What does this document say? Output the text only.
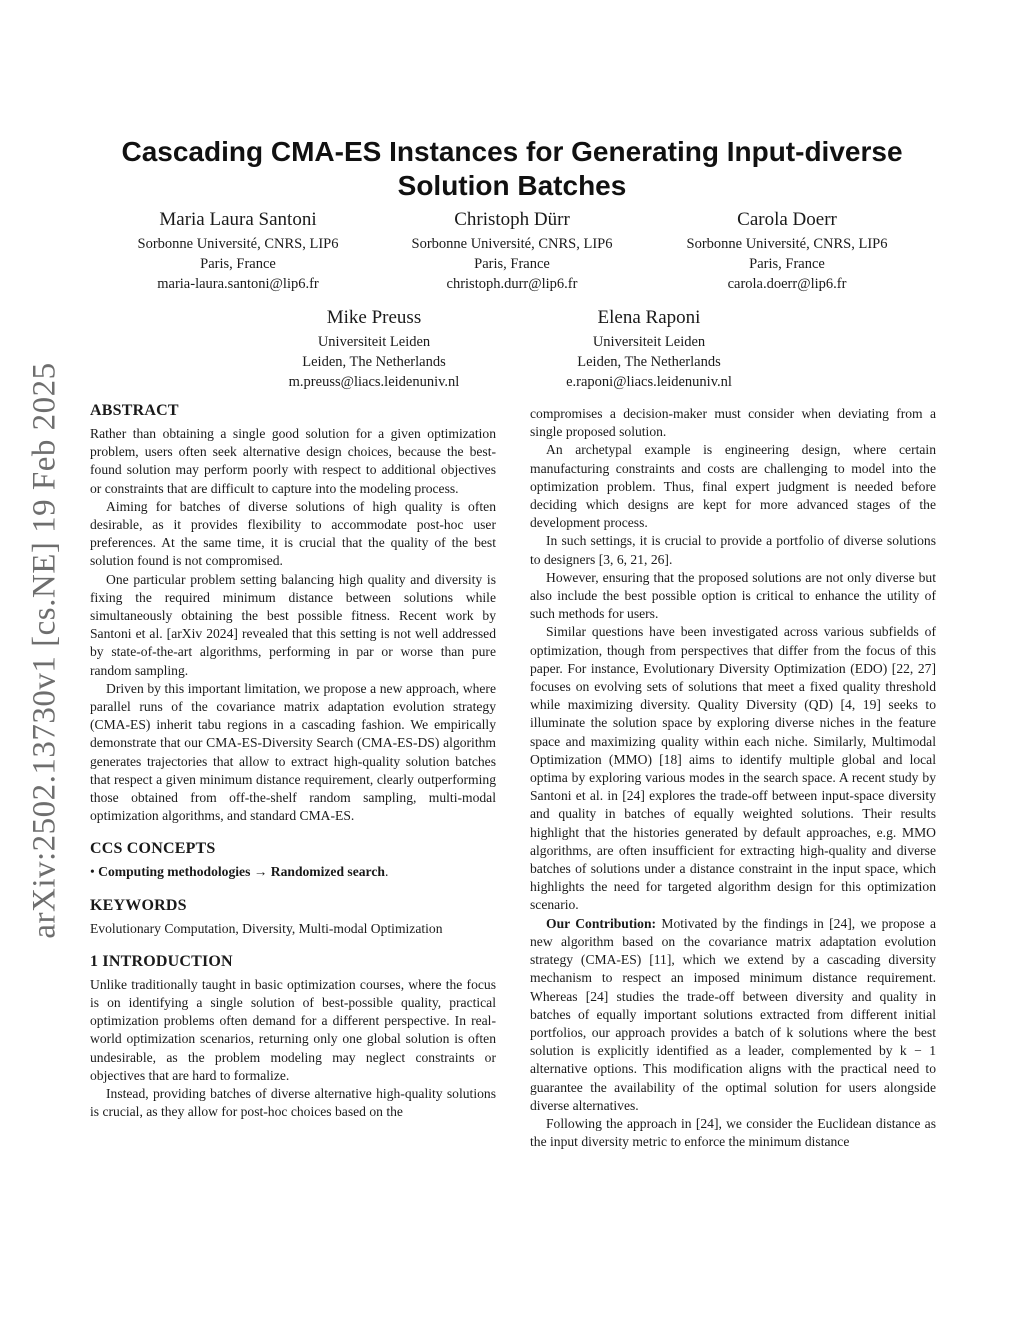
arXiv:2502.13730v1 [cs.NE] 19 Feb 2025
Cascading CMA-ES Instances for Generating Input-diverse
Solution Batches
Maria Laura Santoni
Sorbonne Université, CNRS, LIP6
Paris, France
maria-laura.santoni@lip6.fr
Christoph Dürr
Sorbonne Université, CNRS, LIP6
Paris, France
christoph.durr@lip6.fr
Carola Doerr
Sorbonne Université, CNRS, LIP6
Paris, France
carola.doerr@lip6.fr
Mike Preuss
Universiteit Leiden
Leiden, The Netherlands
m.preuss@liacs.leidenuniv.nl
Elena Raponi
Universiteit Leiden
Leiden, The Netherlands
e.raponi@liacs.leidenuniv.nl
ABSTRACT

Rather than obtaining a single good solution for a given optimization problem, users often seek alternative design choices, because the best-found solution may perform poorly with respect to additional objectives or constraints that are difficult to capture into the modeling process.

Aiming for batches of diverse solutions of high quality is often desirable, as it provides flexibility to accommodate post-hoc user preferences. At the same time, it is crucial that the quality of the best solution found is not compromised.

One particular problem setting balancing high quality and diversity is fixing the required minimum distance between solutions while simultaneously obtaining the best possible fitness. Recent work by Santoni et al. [arXiv 2024] revealed that this setting is not well addressed by state-of-the-art algorithms, performing in par or worse than pure random sampling.

Driven by this important limitation, we propose a new approach, where parallel runs of the covariance matrix adaptation evolution strategy (CMA-ES) inherit tabu regions in a cascading fashion. We empirically demonstrate that our CMA-ES-Diversity Search (CMA-ES-DS) algorithm generates trajectories that allow to extract high-quality solution batches that respect a given minimum distance requirement, clearly outperforming those obtained from off-the-shelf random sampling, multi-modal optimization algorithms, and standard CMA-ES.

CCS CONCEPTS

• Computing methodologies → Randomized search.

KEYWORDS

Evolutionary Computation, Diversity, Multi-modal Optimization

1 INTRODUCTION

Unlike traditionally taught in basic optimization courses, where the focus is on identifying a single solution of best-possible quality, practical optimization problems often demand for a different perspective. In real-world optimization scenarios, returning only one global solution is often undesirable, as the problem modeling may neglect constraints or objectives that are hard to formalize.

Instead, providing batches of diverse alternative high-quality solutions is crucial, as they allow for post-hoc choices based on the

compromises a decision-maker must consider when deviating from a single proposed solution.

An archetypal example is engineering design, where certain manufacturing constraints and costs are challenging to model into the optimization problem. Thus, final expert judgment is needed before deciding which designs are kept for more advanced stages of the development process.

In such settings, it is crucial to provide a portfolio of diverse solutions to designers [3, 6, 21, 26].

However, ensuring that the proposed solutions are not only diverse but also include the best possible option is critical to enhance the utility of such methods for users.

Similar questions have been investigated across various subfields of optimization, though from perspectives that differ from the focus of this paper. For instance, Evolutionary Diversity Optimization (EDO) [22, 27] focuses on evolving sets of solutions that meet a fixed quality threshold while maximizing diversity. Quality Diversity (QD) [4, 19] seeks to illuminate the solution space by exploring diverse niches in the feature space and maximizing quality within each niche. Similarly, Multimodal Optimization (MMO) [18] aims to identify multiple global and local optima by exploring various modes in the search space. A recent study by Santoni et al. in [24] explores the trade-off between input-space diversity and quality in batches of equally weighted solutions. Their results highlight that the histories generated by default approaches, e.g. MMO algorithms, are often insufficient for extracting high-quality and diverse batches of solutions under a distance constraint in the input space, which highlights the need for targeted algorithm design for this optimization scenario.

Our Contribution: Motivated by the findings in [24], we propose a new algorithm based on the covariance matrix adaptation evolution strategy (CMA-ES) [11], which we extend by a cascading diversity mechanism to respect an imposed minimum distance requirement. Whereas [24] studies the trade-off between diversity and quality in batches of equally important solutions extracted from different initial portfolios, our approach provides a batch of k solutions where the best solution is explicitly identified as a leader, complemented by k − 1 alternative options. This modification aligns with the practical need to guarantee the availability of the optimal solution for users alongside diverse alternatives.

Following the approach in [24], we consider the Euclidean distance as the input diversity metric to enforce the minimum distance
